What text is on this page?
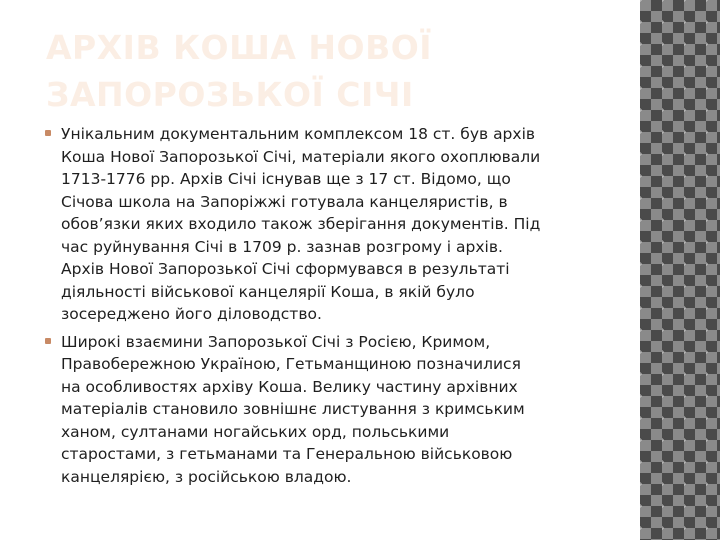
АРХІВ КОША НОВОЇ
ЗАПОРОЗЬКОЇ СІЧІ
Унікальним документальним комплексом 18 ст. був архів
Коша Нової Запорозької Січі, матеріали якого охоплювали
1713-1776 рр. Архів Січі існував ще з 17 ст. Відомо, що
Січова школа на Запоріжжі готувала канцеляристів, в
обов’язки яких входило також зберігання документів. Під
час руйнування Січі в 1709 р. зазнав розгрому і архів.
Архів Нової Запорозької Січі сформувався в результаті
діяльності військової канцелярії Коша, в якій було
зосереджено його діловодство.
Широкі взаємини Запорозької Січі з Росією, Кримом,
Правобережною Україною, Гетьманщиною позначилися
на особливостях архіву Коша. Велику частину архівних
матеріалів становило зовнішнє листування з кримським
ханом, султанами ногайських орд, польськими
старостами, з гетьманами та Генеральною військовою
канцелярією, з російською владою.
